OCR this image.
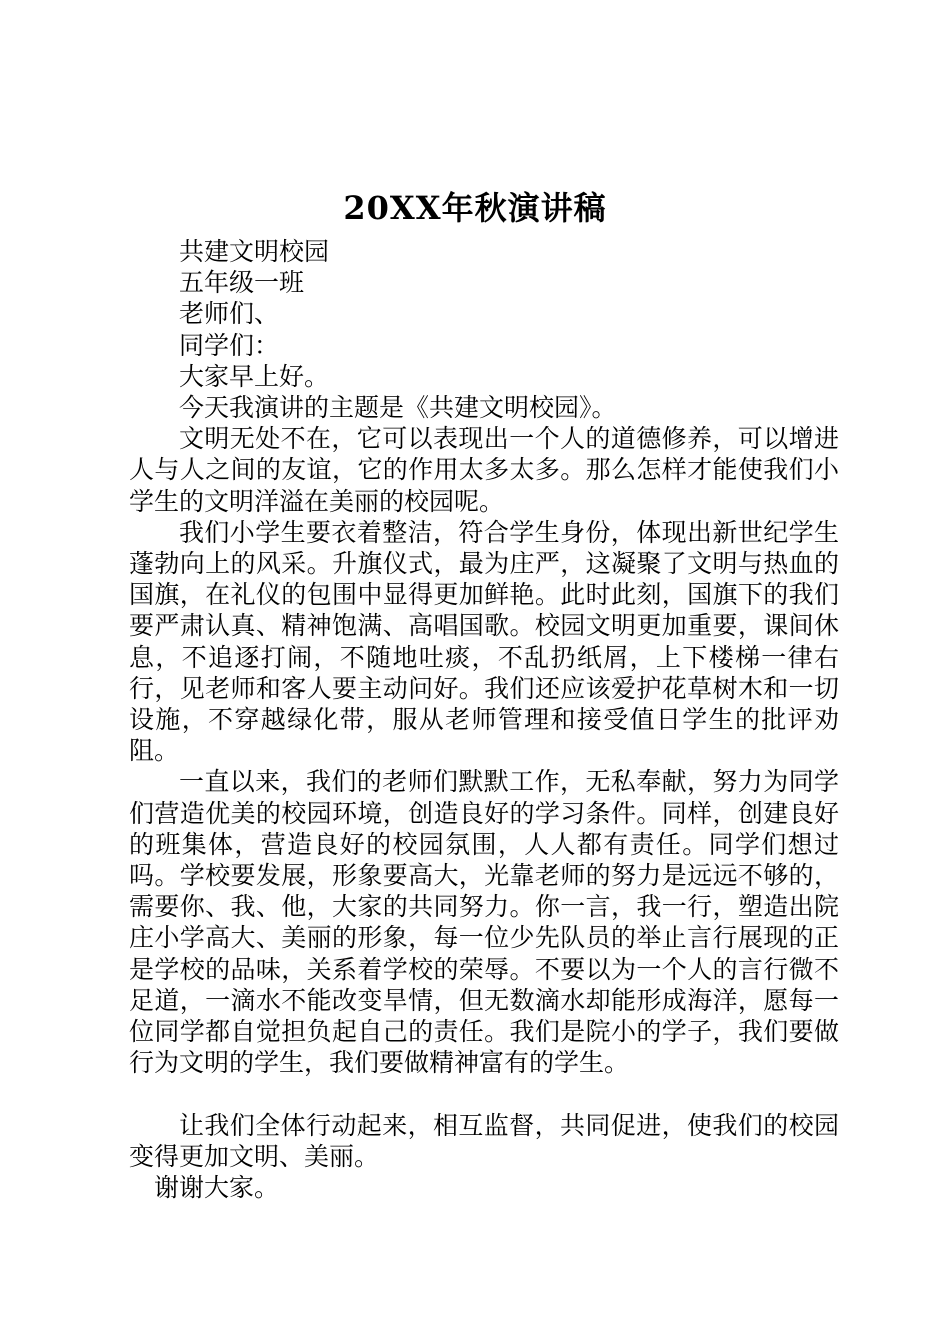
20XX年秋演讲稿

共建文明校园

五年级一班

老师们、

同学们：

大家早上好。

今天我演讲的主题是《共建文明校园》。

文明无处不在，它可以表现出一个人的道德修养，可以增进人与人之间的友谊，它的作用太多太多。那么怎样才能使我们小学生的文明洋溢在美丽的校园呢。

我们小学生要衣着整洁，符合学生身份，体现出新世纪学生蓬勃向上的风采。升旗仪式，最为庄严，这凝聚了文明与热血的国旗，在礼仪的包围中显得更加鲜艳。此时此刻，国旗下的我们要严肃认真、精神饱满、高唱国歌。校园文明更加重要，课间休息，不追逐打闹，不随地吐痰，不乱扔纸屑，上下楼梯一律右行，见老师和客人要主动问好。我们还应该爱护花草树木和一切设施，不穿越绿化带，服从老师管理和接受值日学生的批评劝阻。

一直以来，我们的老师们默默工作，无私奉献，努力为同学们营造优美的校园环境，创造良好的学习条件。同样，创建良好的班集体，营造良好的校园氛围，人人都有责任。同学们想过吗。学校要发展，形象要高大，光靠老师的努力是远远不够的，需要你、我、他，大家的共同努力。你一言，我一行，塑造出院庄小学高大、美丽的形象，每一位少先队员的举止言行展现的正是学校的品味，关系着学校的荣辱。不要以为一个人的言行微不足道，一滴水不能改变旱情，但无数滴水却能形成海洋，愿每一位同学都自觉担负起自己的责任。我们是院小的学子，我们要做行为文明的学生，我们要做精神富有的学生。

让我们全体行动起来，相互监督，共同促进，使我们的校园变得更加文明、美丽。

谢谢大家。
